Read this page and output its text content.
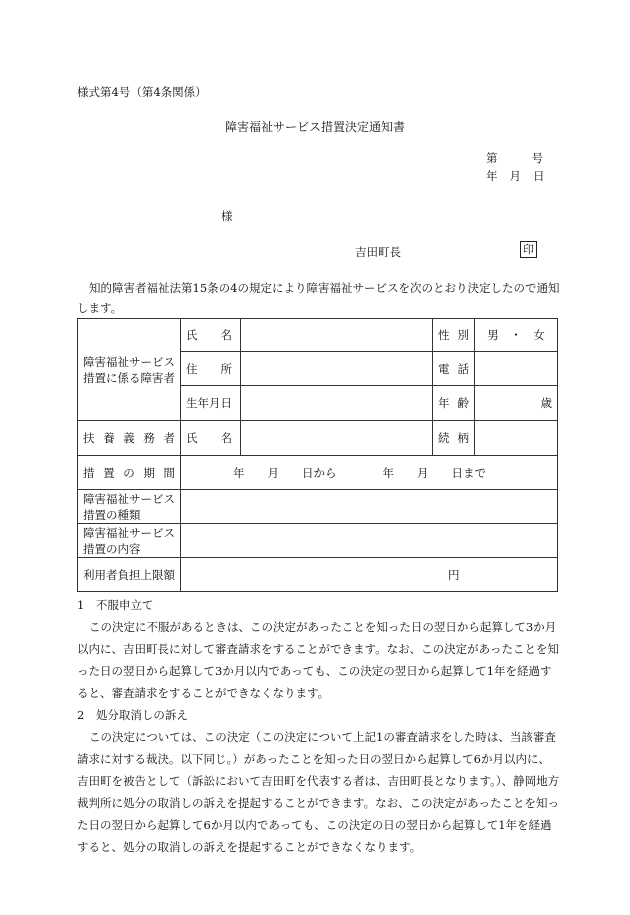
様式第4号（第4条関係）
障害福祉サービス措置決定通知書
第	号
年 月 日
様
吉田町長	印
知的障害者福祉法第15条の4の規定により障害福祉サービスを次のとおり決定したので通知します。
障害福祉サービス措置に係る障害者	氏　　名		性別	男　・　女
	住　　所		電話	
	生年月日		年齢	歳
扶養義務者	氏　　名		続柄	
措置の期間	年　　月　　日から　　　　年　　月　　日まで			
障害福祉サービス措置の種類				
障害福祉サービス措置の内容				
利用者負担上限額	円			

1　不服申立て

この決定に不服があるときは、この決定があったことを知った日の翌日から起算して3か月以内に、吉田町長に対して審査請求をすることができます。なお、この決定があったことを知った日の翌日から起算して3か月以内であっても、この決定の翌日から起算して1年を経過すると、審査請求をすることができなくなります。

2　処分取消しの訴え

この決定については、この決定（この決定について上記1の審査請求をした時は、当該審査請求に対する裁決。以下同じ。）があったことを知った日の翌日から起算して6か月以内に、吉田町を被告として（訴訟において吉田町を代表する者は、吉田町長となります。）、静岡地方裁判所に処分の取消しの訴えを提起することができます。なお、この決定があったことを知った日の翌日から起算して6か月以内であっても、この決定の日の翌日から起算して1年を経過すると、処分の取消しの訴えを提起することができなくなります。
